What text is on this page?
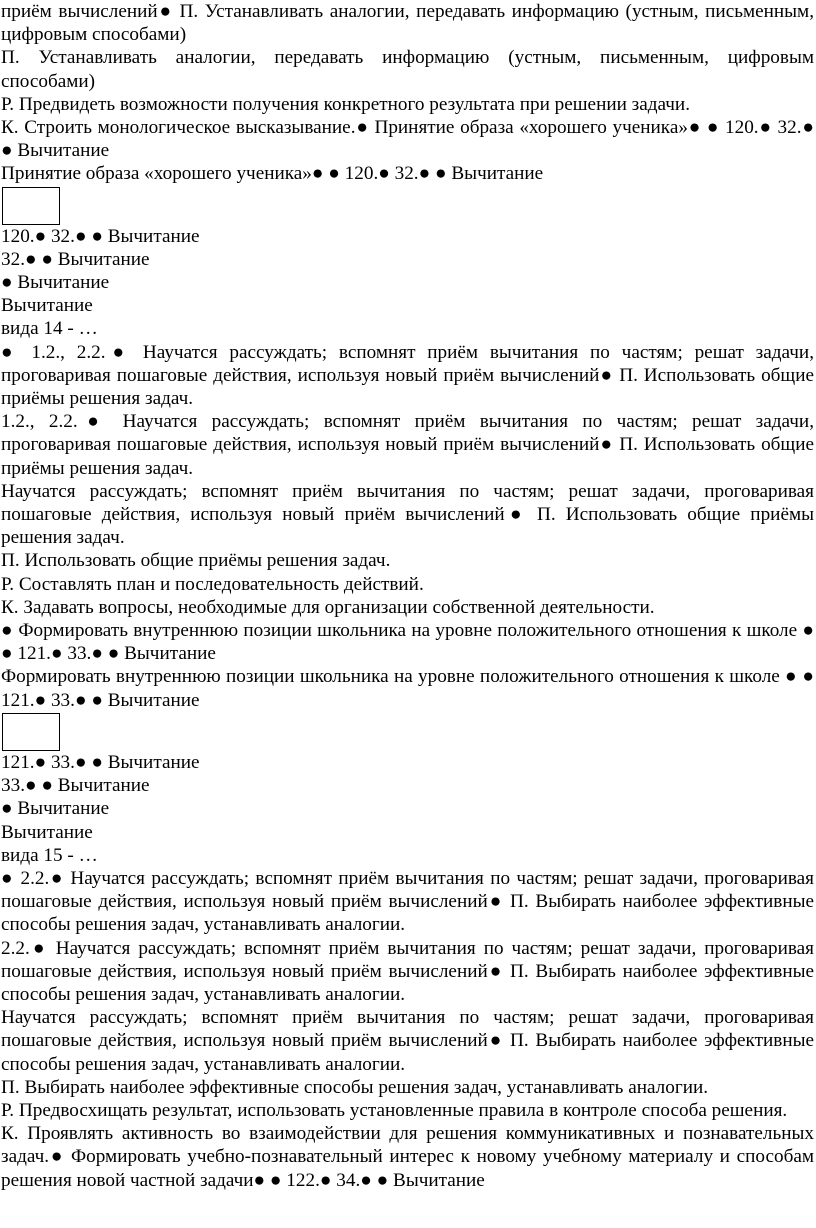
приём вычислений● П. Устанавливать аналогии, передавать информацию (устным, письменным, цифровым способами)

П. Устанавливать аналогии, передавать информацию (устным, письменным, цифровым способами)

Р. Предвидеть возможности получения конкретного результата при решении задачи.

К. Строить монологическое высказывание.● Принятие образа «хорошего ученика»● ● 120.● 32.● ● Вычитание

Принятие образа «хорошего ученика»● ● 120.● 32.● ● Вычитание

120.● 32.● ● Вычитание

32.● ● Вычитание

● Вычитание

Вычитание

вида 14 - …

● 1.2., 2.2.● Научатся рассуждать; вспомнят приём вычитания по частям; решат задачи, проговаривая пошаговые действия, используя новый приём вычислений● П. Использовать общие приёмы решения задач.

1.2., 2.2.● Научатся рассуждать; вспомнят приём вычитания по частям; решат задачи, проговаривая пошаговые действия, используя новый приём вычислений● П. Использовать общие приёмы решения задач.

Научатся рассуждать; вспомнят приём вычитания по частям; решат задачи, проговаривая пошаговые действия, используя новый приём вычислений● П. Использовать общие приёмы решения задач.

П. Использовать общие приёмы решения задач.

Р. Составлять план и последовательность действий.

К. Задавать вопросы, необходимые для организации собственной деятельности.

● Формировать внутреннюю позиции школьника на уровне положительного отношения к школе ● ● 121.● 33.● ● Вычитание

Формировать внутреннюю позиции школьника на уровне положительного отношения к школе ● ● 121.● 33.● ● Вычитание

121.● 33.● ● Вычитание

33.● ● Вычитание

● Вычитание

Вычитание

вида 15 - …

● 2.2.● Научатся рассуждать; вспомнят приём вычитания по частям; решат задачи, проговаривая пошаговые действия, используя новый приём вычислений● П. Выбирать наиболее эффективные способы решения задач, устанавливать аналогии.

2.2.● Научатся рассуждать; вспомнят приём вычитания по частям; решат задачи, проговаривая пошаговые действия, используя новый приём вычислений● П. Выбирать наиболее эффективные способы решения задач, устанавливать аналогии.

Научатся рассуждать; вспомнят приём вычитания по частям; решат задачи, проговаривая пошаговые действия, используя новый приём вычислений● П. Выбирать наиболее эффективные способы решения задач, устанавливать аналогии.

П. Выбирать наиболее эффективные способы решения задач, устанавливать аналогии.

Р. Предвосхищать результат, использовать установленные правила в контроле способа решения.

К. Проявлять активность во взаимодействии для решения коммуникативных и познавательных задач.● Формировать учебно-познавательный интерес к новому учебному материалу и способам решения новой частной задачи● ● 122.● 34.● ● Вычитание
